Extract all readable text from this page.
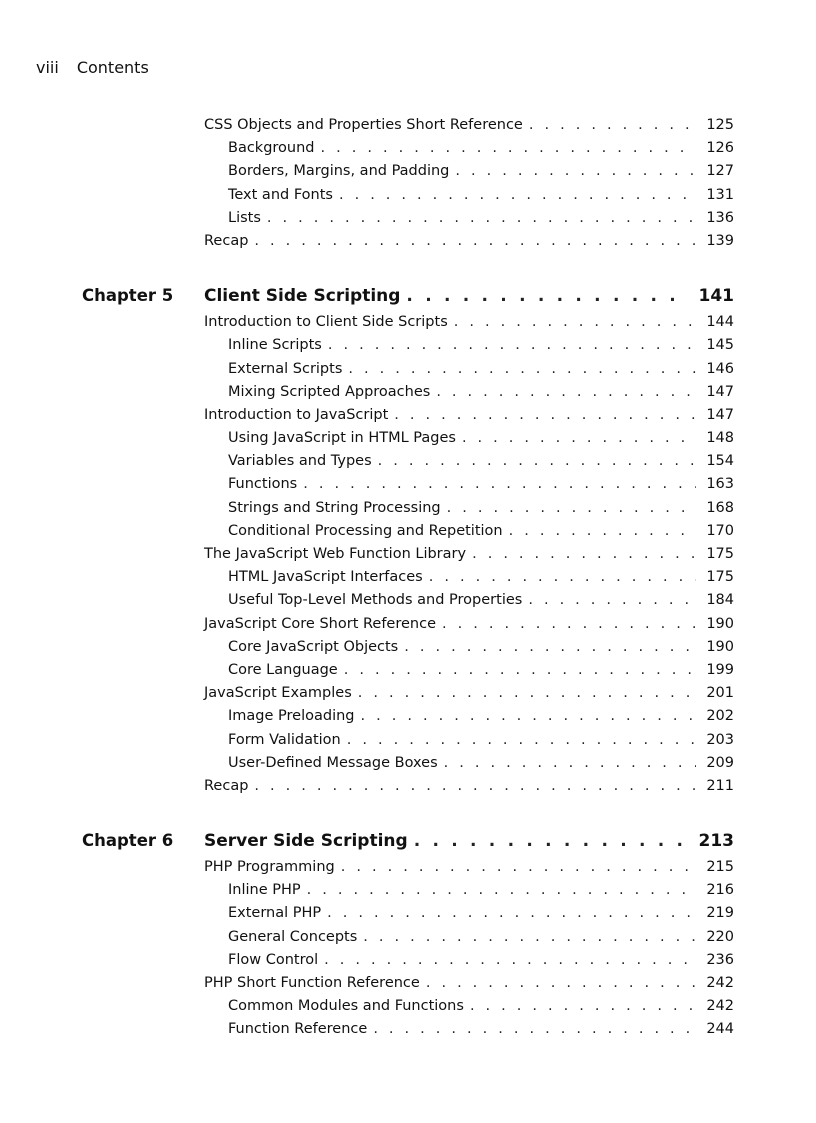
viii Contents
CSS Objects and Properties Short Reference . . .	125
Background . . .	126
Borders, Margins, and Padding . . .	127
Text and Fonts . . .	131
Lists . . .	136
Recap . . .	139
Chapter 5 Client Side Scripting . . .	141
Introduction to Client Side Scripts . . .	144
Inline Scripts . . .	145
External Scripts . . .	146
Mixing Scripted Approaches . . .	147
Introduction to JavaScript . . .	147
Using JavaScript in HTML Pages . . .	148
Variables and Types . . .	154
Functions . . .	163
Strings and String Processing . . .	168
Conditional Processing and Repetition . . .	170
The JavaScript Web Function Library . . .	175
HTML JavaScript Interfaces . . .	175
Useful Top-Level Methods and Properties . . .	184
JavaScript Core Short Reference . . .	190
Core JavaScript Objects . . .	190
Core Language . . .	199
JavaScript Examples . . .	201
Image Preloading . . .	202
Form Validation . . .	203
User-Defined Message Boxes . . .	209
Recap . . .	211
Chapter 6 Server Side Scripting . . .	213
PHP Programming . . .	215
Inline PHP . . .	216
External PHP . . .	219
General Concepts . . .	220
Flow Control . . .	236
PHP Short Function Reference . . .	242
Common Modules and Functions . . .	242
Function Reference . . .	244
